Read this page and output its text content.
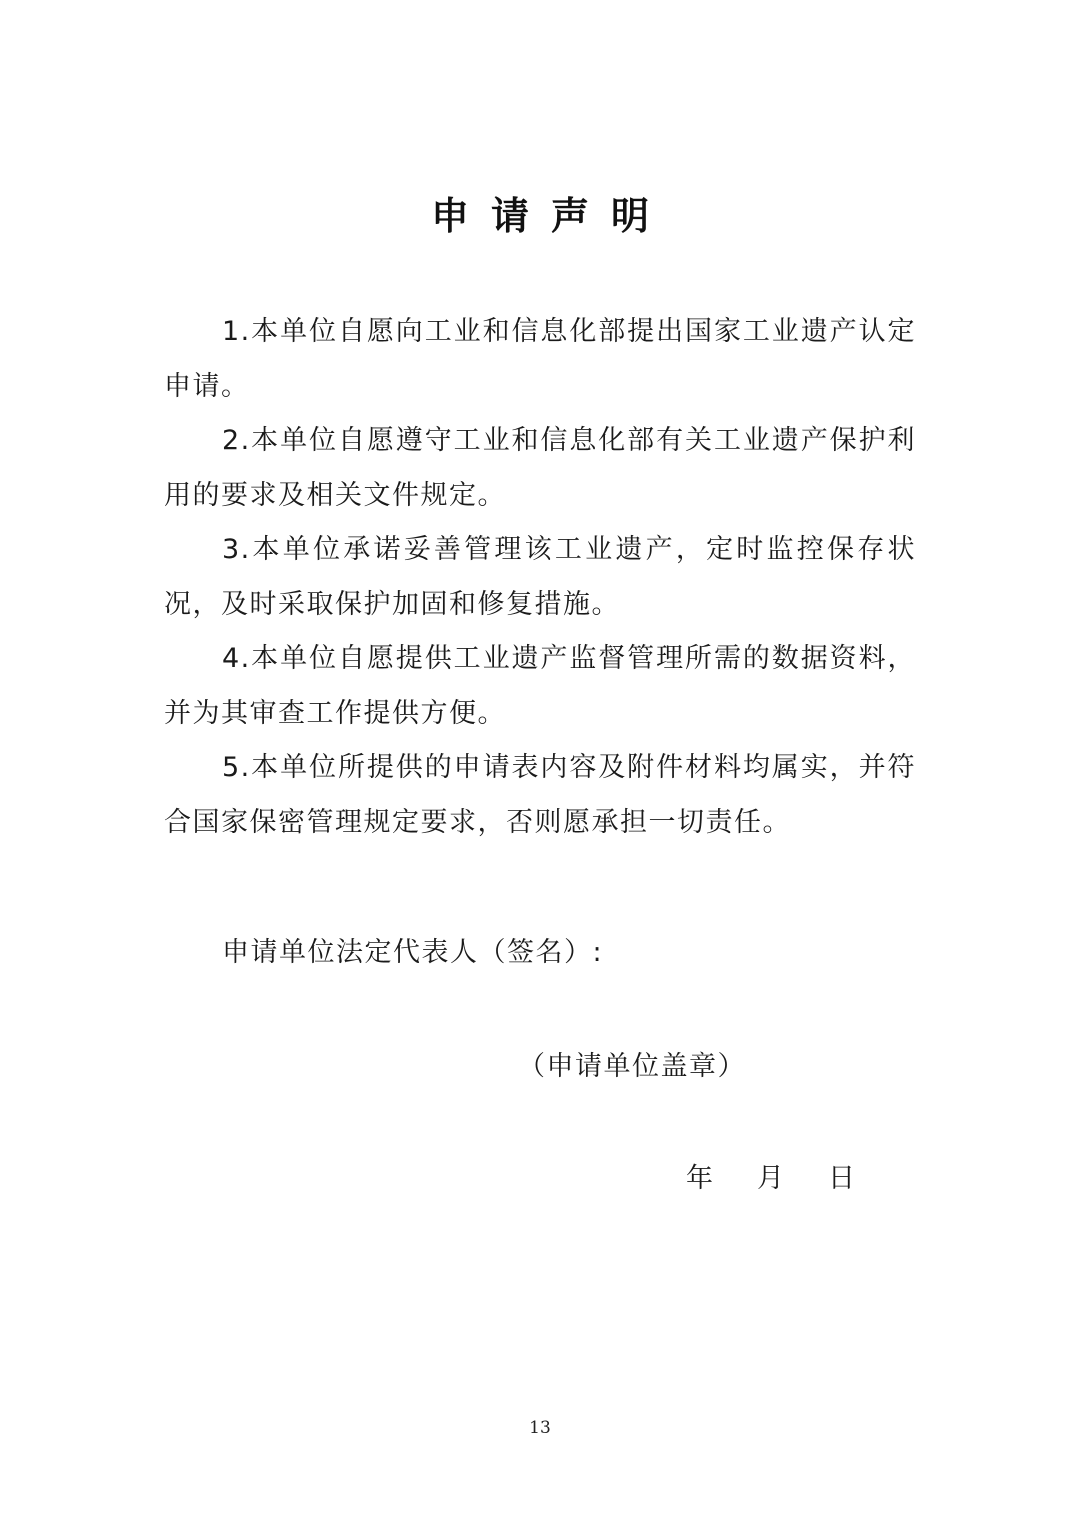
申请声明

1.本单位自愿向工业和信息化部提出国家工业遗产认定申请。

2.本单位自愿遵守工业和信息化部有关工业遗产保护利用的要求及相关文件规定。

3.本单位承诺妥善管理该工业遗产，定时监控保存状况，及时采取保护加固和修复措施。

4.本单位自愿提供工业遗产监督管理所需的数据资料，并为其审查工作提供方便。

5.本单位所提供的申请表内容及附件材料均属实，并符合国家保密管理规定要求，否则愿承担一切责任。

申请单位法定代表人（签名）:
（申请单位盖章）
年 月 日
13
